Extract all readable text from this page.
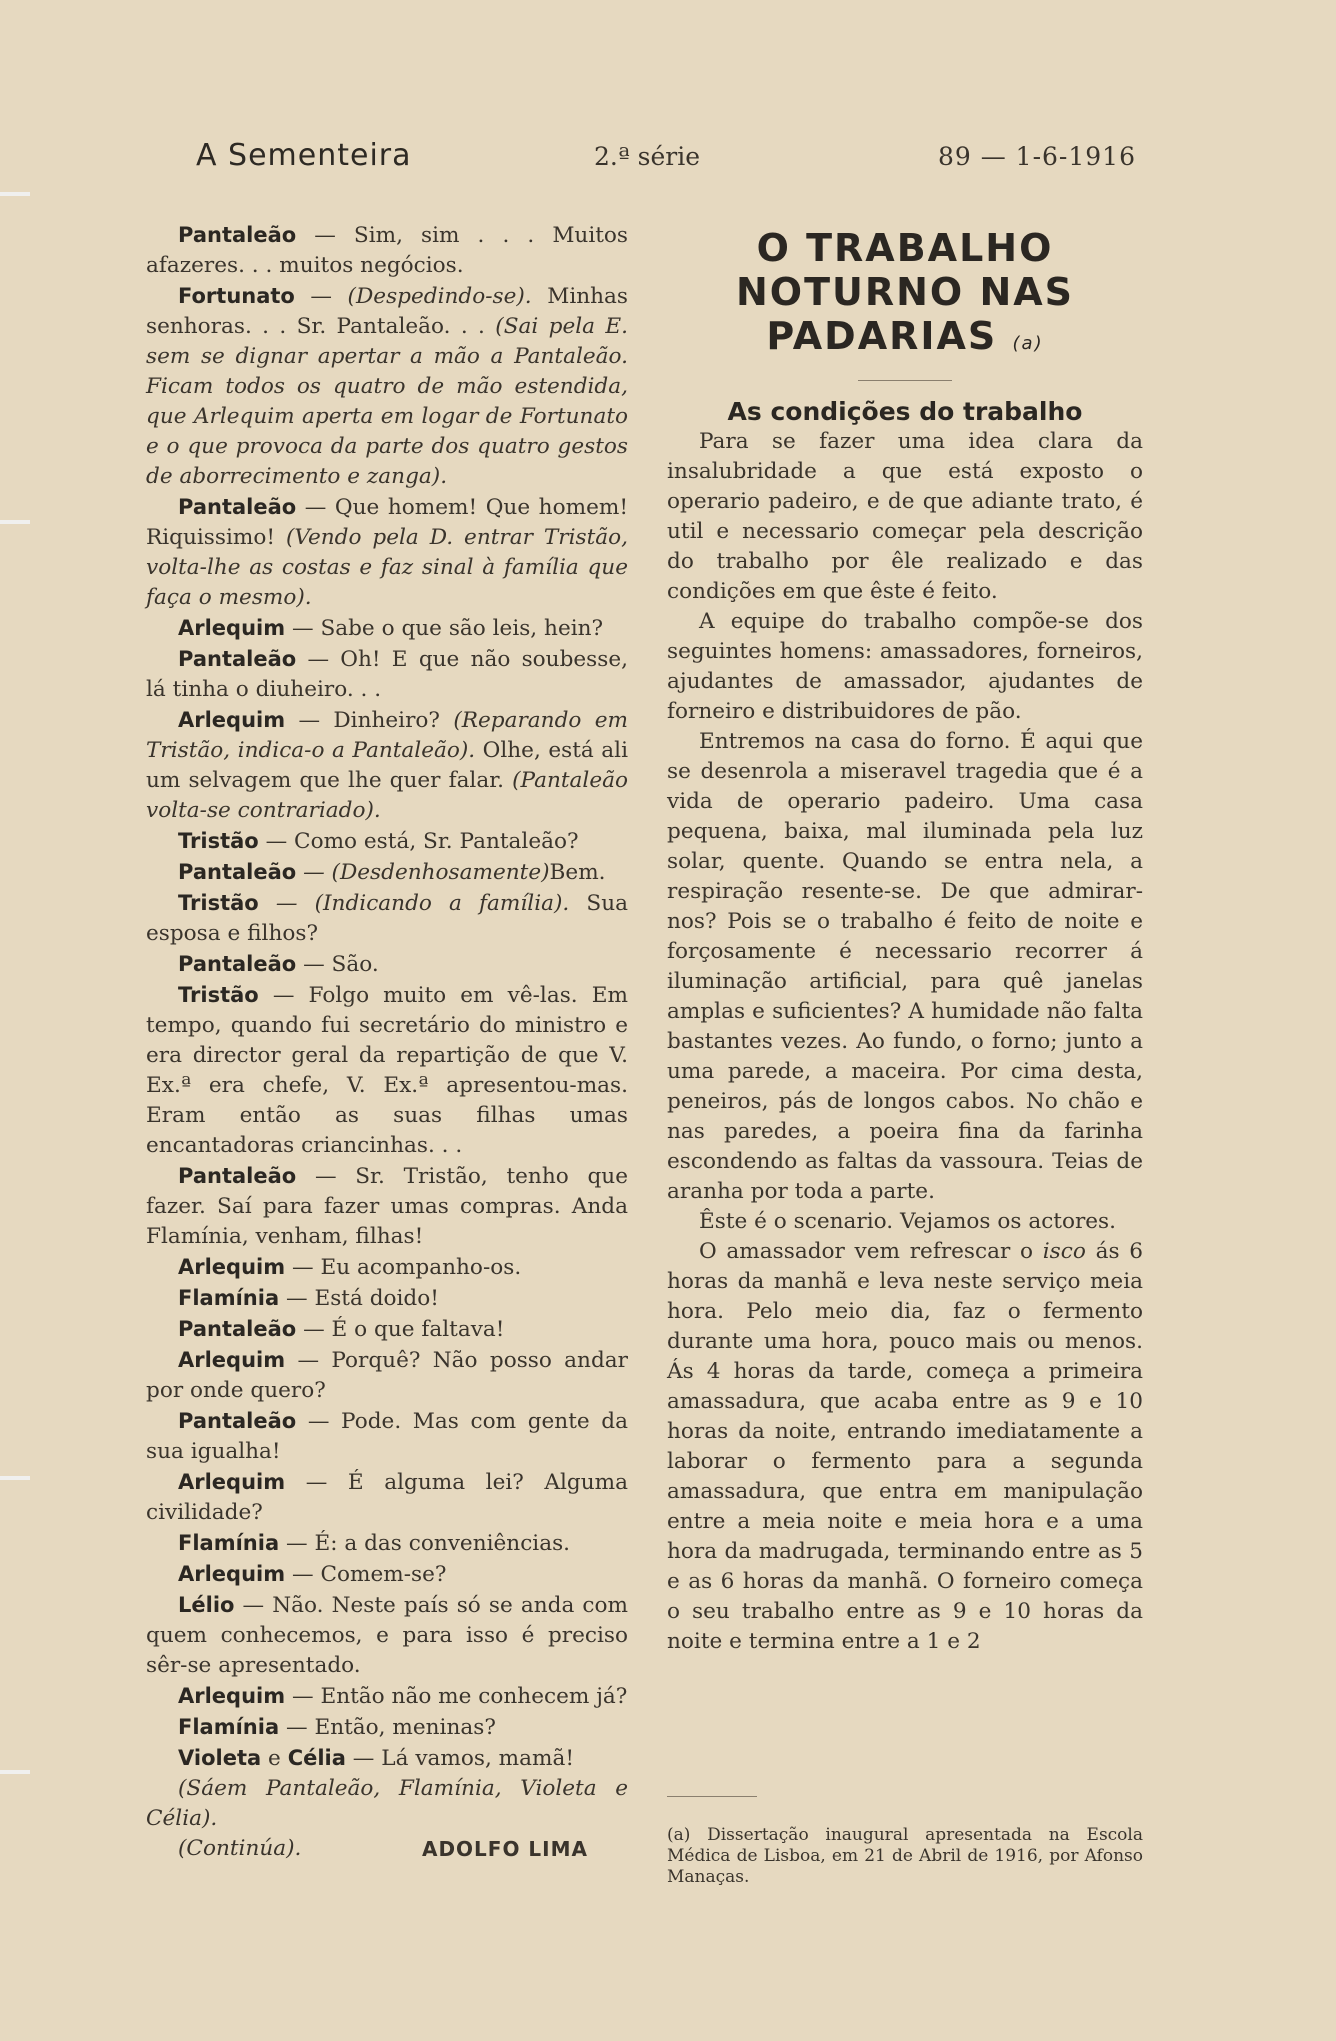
A Sementeira	2.ª série	89 — 1-6-1916

Pantaleão — Sim, sim . . . Muitos afazeres. . . muitos negócios.

Fortunato — (Despedindo-se). Minhas senhoras. . . Sr. Pantaleão. . . (Sai pela E. sem se dignar apertar a mão a Pantaleão. Ficam todos os quatro de mão estendida, que Arlequim aperta em logar de Fortunato e o que provoca da parte dos quatro gestos de aborrecimento e zanga).

Pantaleão — Que homem! Que homem! Riquissimo! (Vendo pela D. entrar Tristão, volta-lhe as costas e faz sinal à família que faça o mesmo).

Arlequim — Sabe o que são leis, hein?

Pantaleão — Oh! E que não soubesse, lá tinha o diuheiro. . .

Arlequim — Dinheiro? (Reparando em Tristão, indica-o a Pantaleão). Olhe, está ali um selvagem que lhe quer falar. (Pantaleão volta-se contrariado).

Tristão — Como está, Sr. Pantaleão?

Pantaleão — (Desdenhosamente)Bem.

Tristão — (Indicando a família). Sua esposa e filhos?

Pantaleão — São.

Tristão — Folgo muito em vê-las. Em tempo, quando fui secretário do ministro e era director geral da repartição de que V. Ex.ª era chefe, V. Ex.ª apresentou-mas. Eram então as suas filhas umas encantadoras criancinhas. . .

Pantaleão — Sr. Tristão, tenho que fazer. Saí para fazer umas compras. Anda Flamínia, venham, filhas!

Arlequim — Eu acompanho-os.

Flamínia — Está doido!

Pantaleão — É o que faltava!

Arlequim — Porquê? Não posso andar por onde quero?

Pantaleão — Pode. Mas com gente da sua igualha!

Arlequim — É alguma lei? Alguma civilidade?

Flamínia — É: a das conveniências.

Arlequim — Comem-se?

Lélio — Não. Neste país só se anda com quem conhecemos, e para isso é preciso sêr-se apresentado.

Arlequim — Então não me conhecem já?

Flamínia — Então, meninas?

Violeta e Célia — Lá vamos, mamã!

(Sáem Pantaleão, Flamínia, Violeta e Célia).

(Continúa).	ADOLFO LIMA

O TRABALHO NOTURNO NAS PADARIAS (a)

As condições do trabalho

Para se fazer uma idea clara da insalubridade a que está exposto o operario padeiro, e de que adiante trato, é util e necessario começar pela descrição do trabalho por êle realizado e das condições em que êste é feito.

A equipe do trabalho compõe-se dos seguintes homens: amassadores, forneiros, ajudantes de amassador, ajudantes de forneiro e distribuidores de pão.

Entremos na casa do forno. É aqui que se desenrola a miseravel tragedia que é a vida de operario padeiro. Uma casa pequena, baixa, mal iluminada pela luz solar, quente. Quando se entra nela, a respiração resente-se. De que admirar-nos? Pois se o trabalho é feito de noite e forçosamente é necessario recorrer á iluminação artificial, para quê janelas amplas e suficientes? A humidade não falta bastantes vezes. Ao fundo, o forno; junto a uma parede, a maceira. Por cima desta, peneiros, pás de longos cabos. No chão e nas paredes, a poeira fina da farinha escondendo as faltas da vassoura. Teias de aranha por toda a parte.

Êste é o scenario. Vejamos os actores.

O amassador vem refrescar o isco ás 6 horas da manhã e leva neste serviço meia hora. Pelo meio dia, faz o fermento durante uma hora, pouco mais ou menos. Ás 4 horas da tarde, começa a primeira amassadura, que acaba entre as 9 e 10 horas da noite, entrando imediatamente a laborar o fermento para a segunda amassadura, que entra em manipulação entre a meia noite e meia hora e a uma hora da madrugada, terminando entre as 5 e as 6 horas da manhã. O forneiro começa o seu trabalho entre as 9 e 10 horas da noite e termina entre a 1 e 2

(a) Dissertação inaugural apresentada na Escola Médica de Lisboa, em 21 de Abril de 1916, por Afonso Manaças.
